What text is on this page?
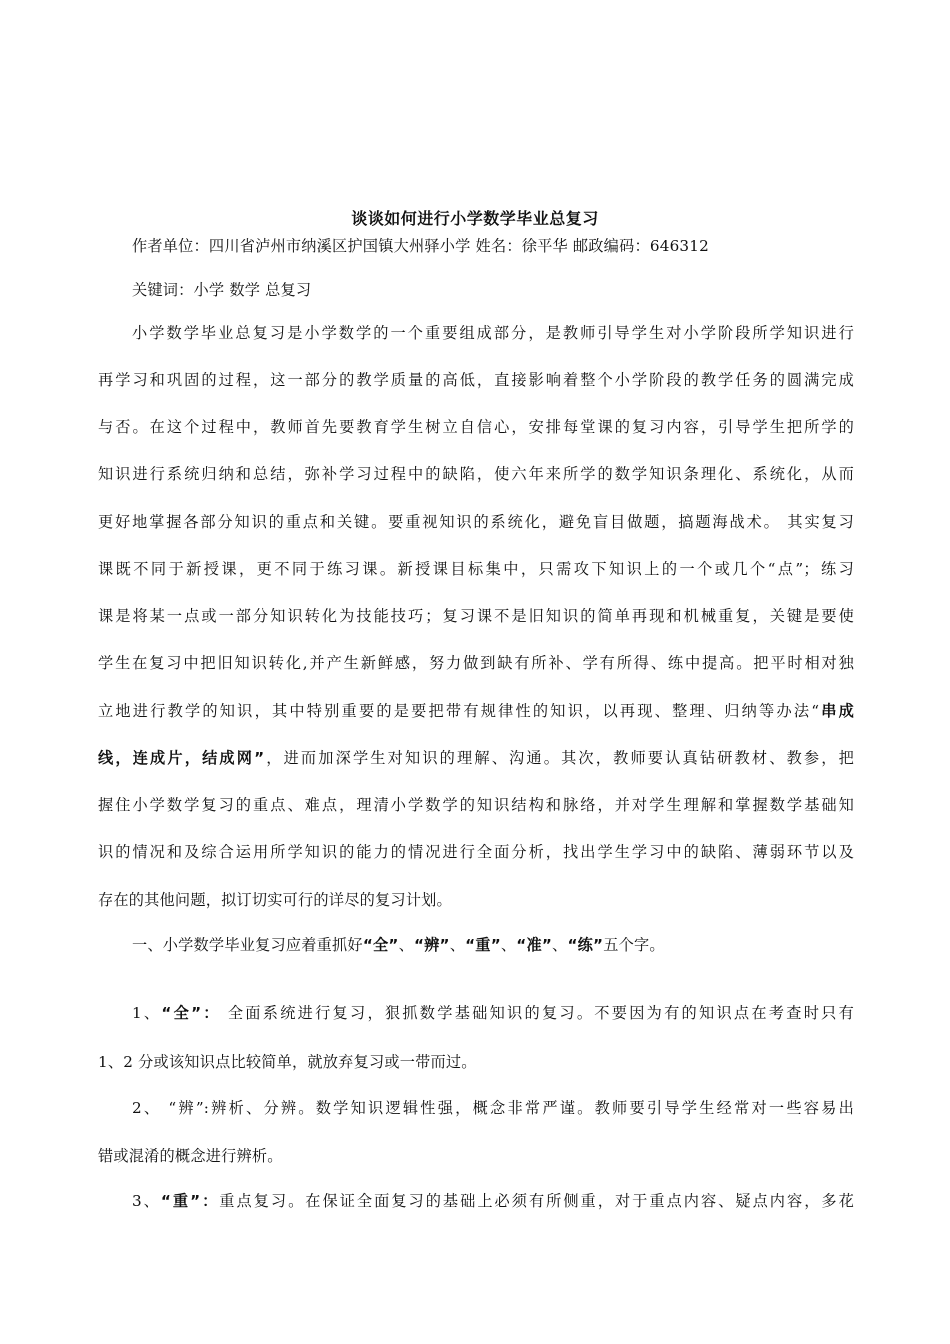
谈谈如何进行小学数学毕业总复习
作者单位：四川省泸州市纳溪区护国镇大州驿小学 姓名：徐平华 邮政编码：646312
关键词：小学 数学 总复习
小学数学毕业总复习是小学数学的一个重要组成部分，是教师引导学生对小学阶段所学知识进行
再学习和巩固的过程，这一部分的教学质量的高低，直接影响着整个小学阶段的教学任务的圆满完成
与否。在这个过程中，教师首先要教育学生树立自信心，安排每堂课的复习内容，引导学生把所学的
知识进行系统归纳和总结，弥补学习过程中的缺陷，使六年来所学的数学知识条理化、系统化，从而
更好地掌握各部分知识的重点和关键。要重视知识的系统化，避免盲目做题，搞题海战术。 其实复习
课既不同于新授课，更不同于练习课。新授课目标集中，只需攻下知识上的一个或几个“点”；练习
课是将某一点或一部分知识转化为技能技巧；复习课不是旧知识的简单再现和机械重复，关键是要使
学生在复习中把旧知识转化,并产生新鲜感，努力做到缺有所补、学有所得、练中提高。把平时相对独
立地进行教学的知识，其中特别重要的是要把带有规律性的知识，以再现、整理、归纳等办法“串成
线，连成片，结成网”，进而加深学生对知识的理解、沟通。其次，教师要认真钻研教材、教参，把
握住小学数学复习的重点、难点，理清小学数学的知识结构和脉络，并对学生理解和掌握数学基础知
识的情况和及综合运用所学知识的能力的情况进行全面分析，找出学生学习中的缺陷、薄弱环节以及
存在的其他问题，拟订切实可行的详尽的复习计划。
一、小学数学毕业复习应着重抓好“全”、“辨”、“重”、“准”、“练”五个字。
1、“全”： 全面系统进行复习，狠抓数学基础知识的复习。不要因为有的知识点在考查时只有
1、2 分或该知识点比较简单，就放弃复习或一带而过。
2、 “辨”:辨析、分辨。数学知识逻辑性强，概念非常严谨。教师要引导学生经常对一些容易出
错或混淆的概念进行辨析。
3、“重”：重点复习。在保证全面复习的基础上必须有所侧重，对于重点内容、疑点内容，多花
